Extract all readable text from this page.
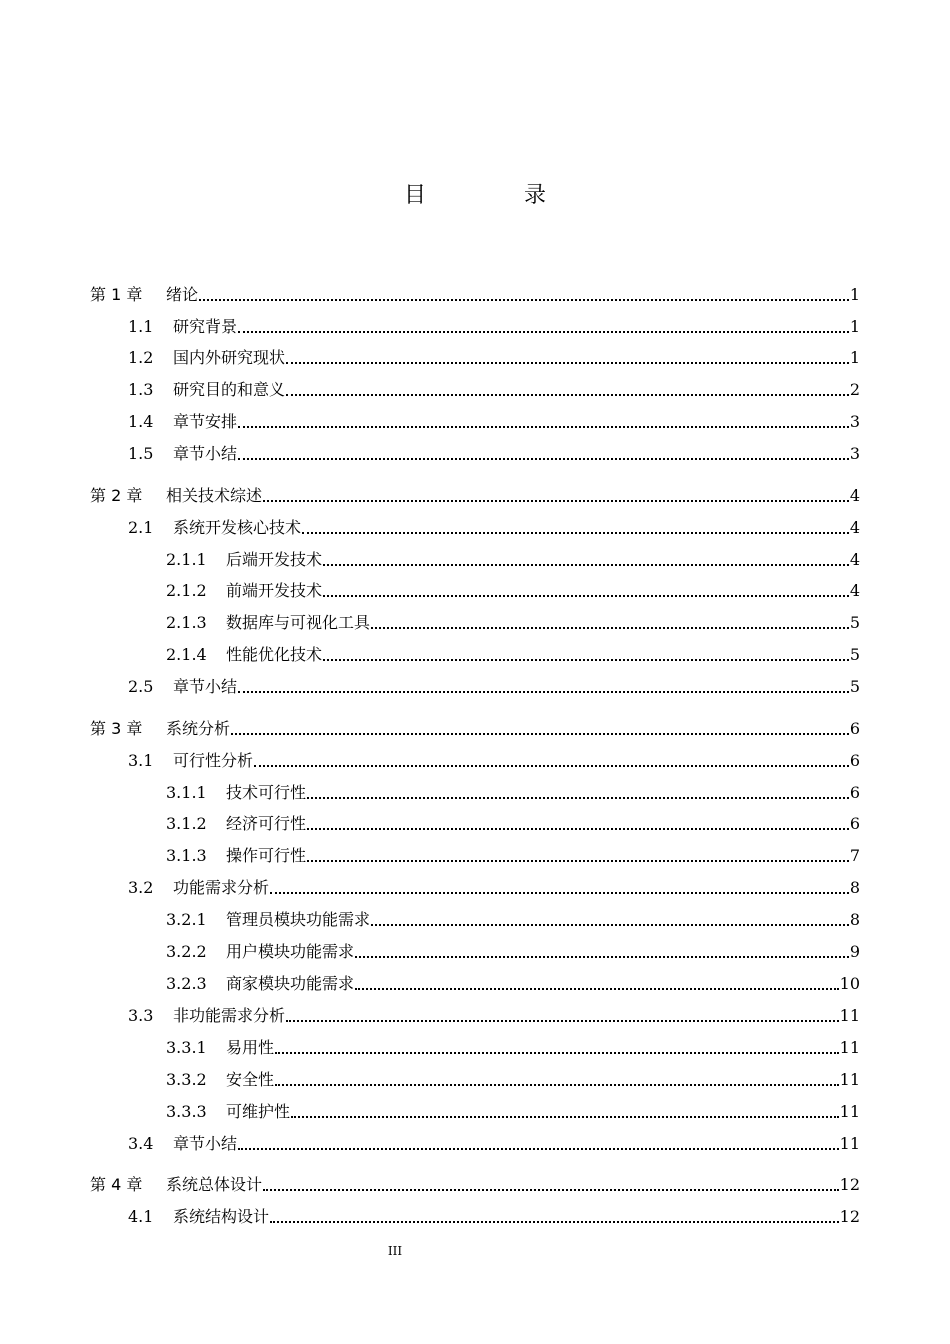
目　录
第 1 章	绪论	1
1.1	研究背景	1
1.2	国内外研究现状	1
1.3	研究目的和意义	2
1.4	章节安排	3
1.5	章节小结	3
第 2 章	相关技术综述	4
2.1	系统开发核心技术	4
2.1.1	后端开发技术	4
2.1.2	前端开发技术	4
2.1.3	数据库与可视化工具	5
2.1.4	性能优化技术	5
2.5	章节小结	5
第 3 章	系统分析	6
3.1	可行性分析	6
3.1.1	技术可行性	6
3.1.2	经济可行性	6
3.1.3	操作可行性	7
3.2	功能需求分析	8
3.2.1	管理员模块功能需求	8
3.2.2	用户模块功能需求	9
3.2.3	商家模块功能需求	10
3.3	非功能需求分析	11
3.3.1	易用性	11
3.3.2	安全性	11
3.3.3	可维护性	11
3.4	章节小结	11
第 4 章	系统总体设计	12
4.1	系统结构设计	12
III
